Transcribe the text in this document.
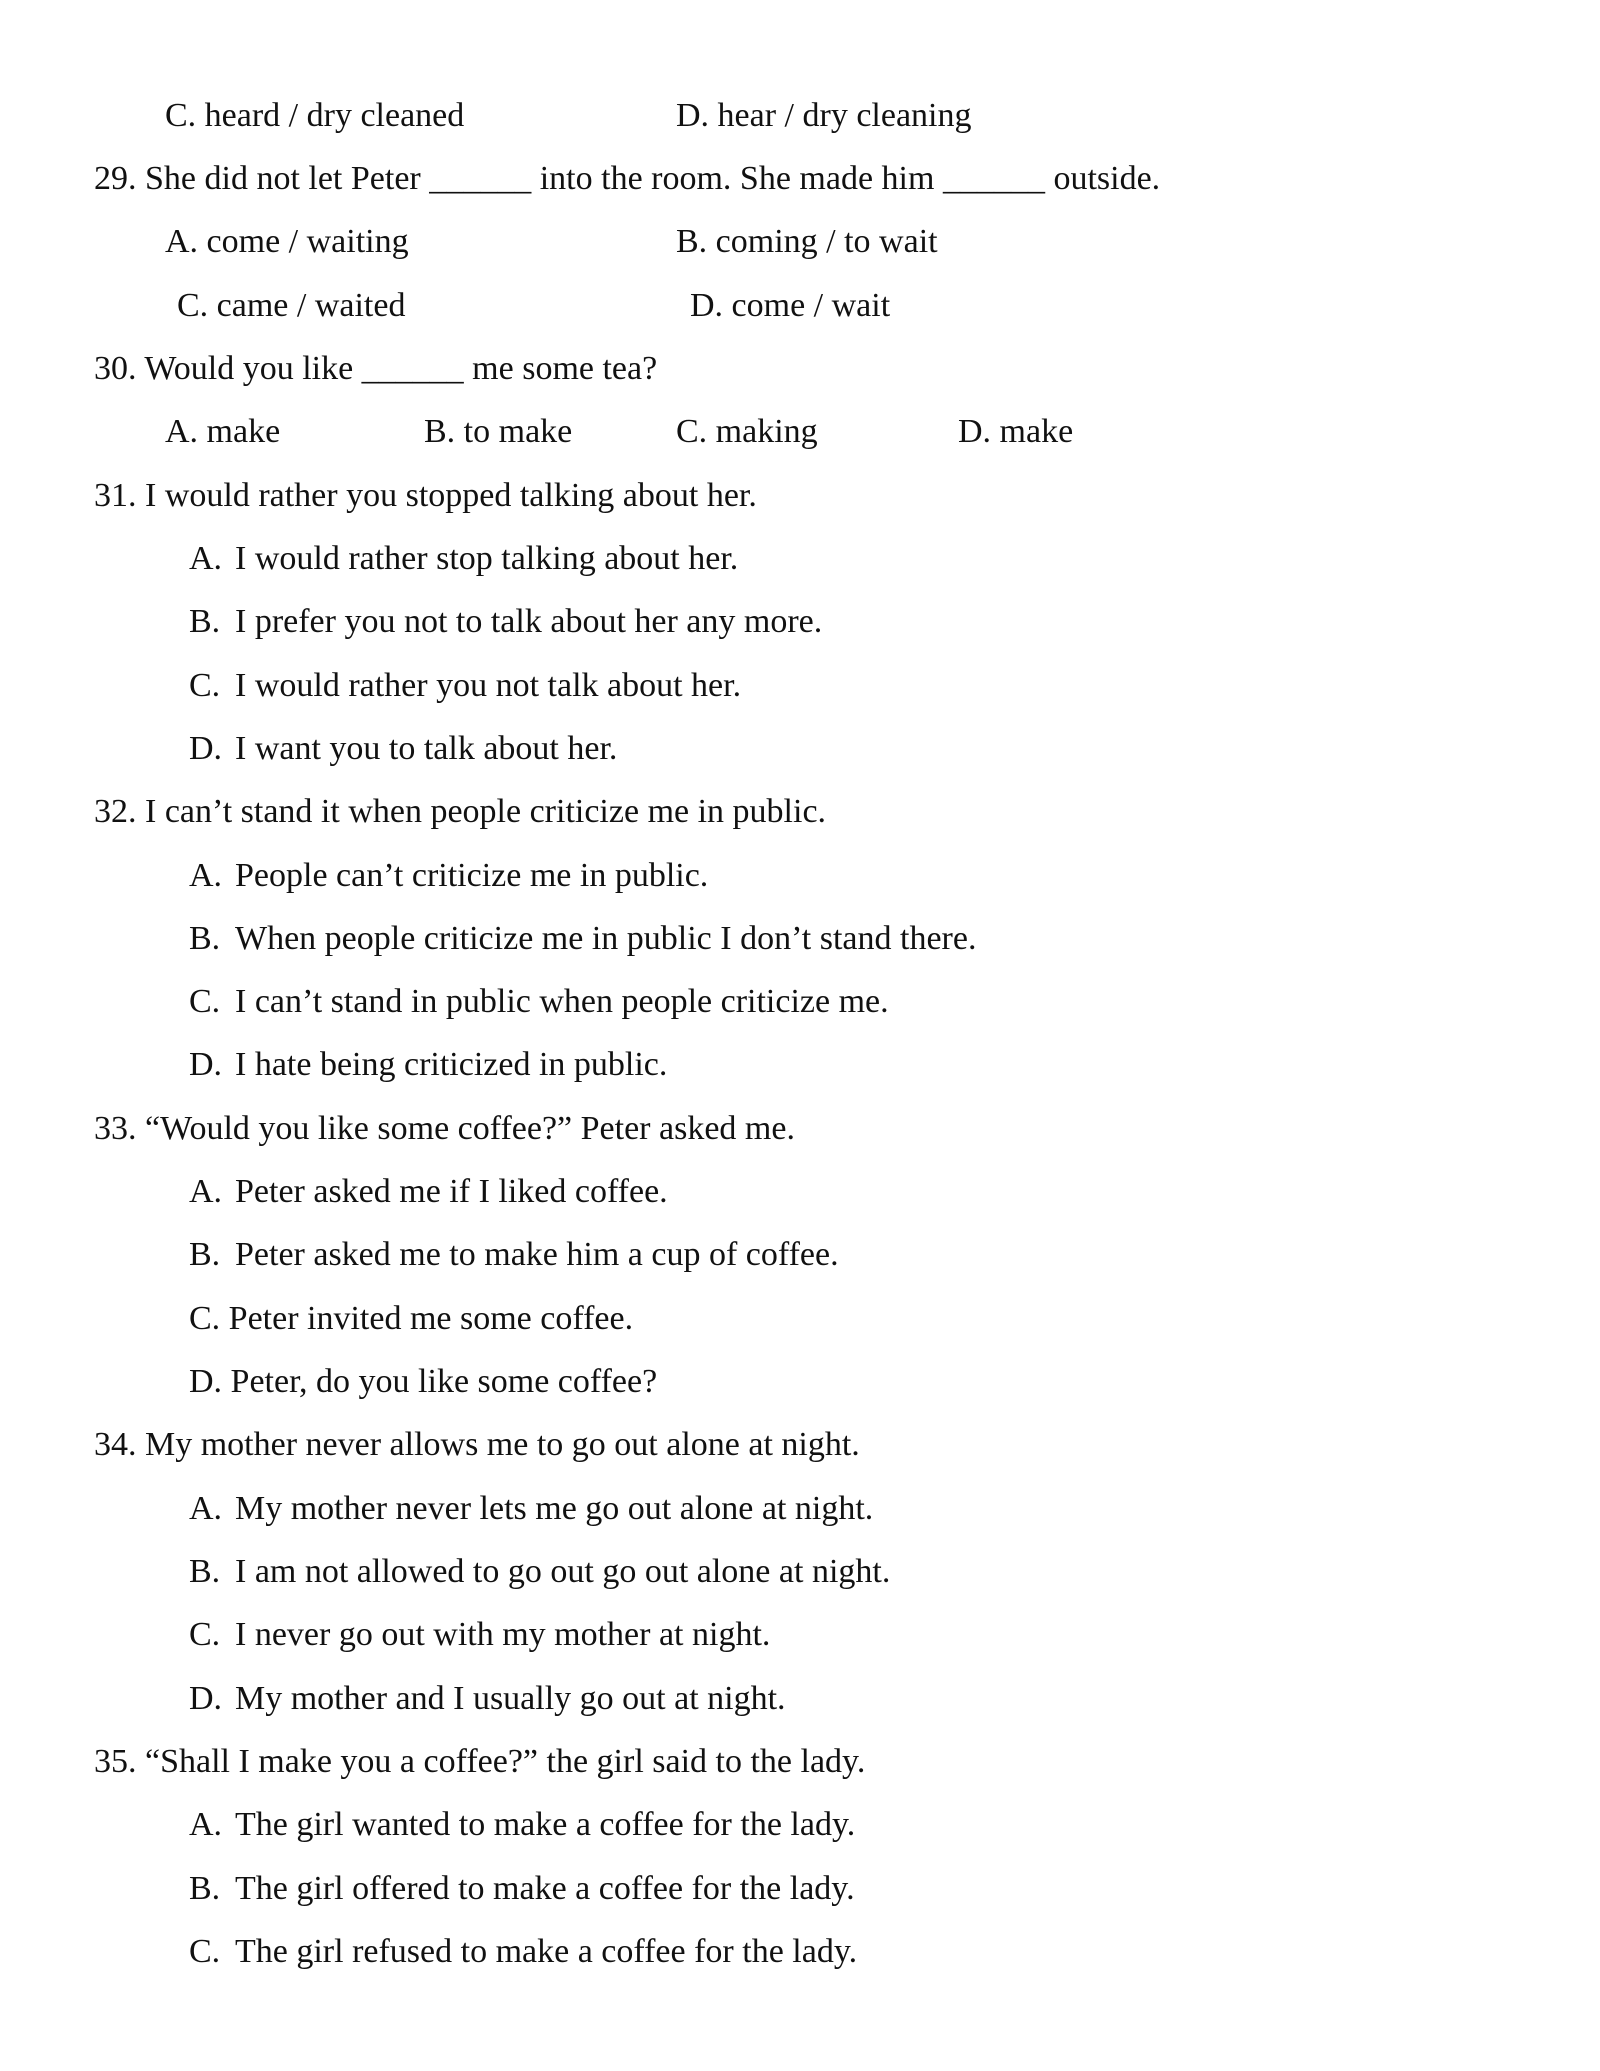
C. heard / dry cleaned	D. hear / dry cleaning
29. She did not let Peter ______ into the room. She made him ______ outside.
A. come / waiting	B. coming / to wait
C. came / waited	D. come / wait
30. Would you like ______ me some tea?
A. make	B. to make	C. making	D. make
31. I would rather you stopped talking about her.
A. I would rather stop talking about her.
B. I prefer you not to talk about her any more.
C. I would rather you not talk about her.
D. I want you to talk about her.
32. I can’t stand it when people criticize me in public.
A. People can’t criticize me in public.
B. When people criticize me in public I don’t stand there.
C. I can’t stand in public when people criticize me.
D. I hate being criticized in public.
33. “Would you like some coffee?” Peter asked me.
A. Peter asked me if I liked coffee.
B. Peter asked me to make him a cup of coffee.
C. Peter invited me some coffee.
D. Peter, do you like some coffee?
34. My mother never allows me to go out alone at night.
A. My mother never lets me go out alone at night.
B. I am not allowed to go out go out alone at night.
C. I never go out with my mother at night.
D. My mother and I usually go out at night.
35. “Shall I make you a coffee?” the girl said to the lady.
A. The girl wanted to make a coffee for the lady.
B. The girl offered to make a coffee for the lady.
C. The girl refused to make a coffee for the lady.
